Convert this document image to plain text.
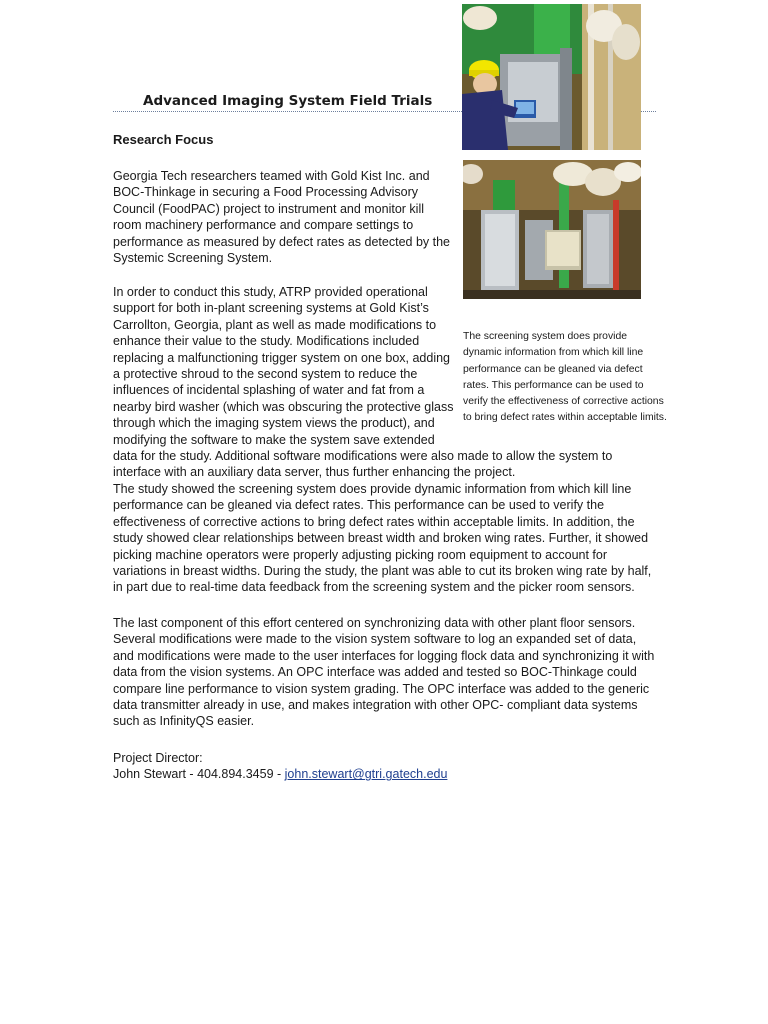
Advanced Imaging System Field Trials
Research Focus

Georgia Tech researchers teamed with Gold Kist Inc. and BOC-Thinkage in securing a Food Processing Advisory Council (FoodPAC) project to instrument and monitor kill room machinery performance and compare settings to performance as measured by defect rates as detected by the Systemic Screening System.

In order to conduct this study, ATRP provided operational support for both in-plant screening systems at Gold Kist’s Carrollton, Georgia, plant as well as made modifications to enhance their value to the study. Modifications included replacing a malfunctioning trigger system on one box, adding a protective shroud to the second system to reduce the influences of incidental splashing of water and fat from a nearby bird washer (which was obscuring the protective glass through which the imaging system views the product), and modifying the software to make the system save extended

data for the study. Additional software modifications were also made to allow the system to interface with an auxiliary data server, thus further enhancing the project.

The study showed the screening system does provide dynamic information from which kill line performance can be gleaned via defect rates. This performance can be used to verify the effectiveness of corrective actions to bring defect rates within acceptable limits. In addition, the study showed clear relationships between breast width and broken wing rates. Further, it showed picking machine operators were properly adjusting picking room equipment to account for variations in breast widths. During the study, the plant was able to cut its broken wing rate by half, in part due to real-time data feedback from the screening system and the picker room sensors.

The last component of this effort centered on synchronizing data with other plant floor sensors. Several modifications were made to the vision system software to log an expanded set of data, and modifications were made to the user interfaces for logging flock data and synchronizing it with data from the vision systems. An OPC interface was added and tested so BOC-Thinkage could compare line performance to vision system grading. The OPC interface was added to the generic data transmitter already in use, and makes integration with other OPC- compliant data systems such as InfinityQS easier.

Project Director:
John Stewart - 404.894.3459 - john.stewart@gtri.gatech.edu

The screening system does provide dynamic information from which kill line performance can be gleaned via defect rates. This performance can be used to verify the effectiveness of corrective actions to bring defect rates within acceptable limits.
